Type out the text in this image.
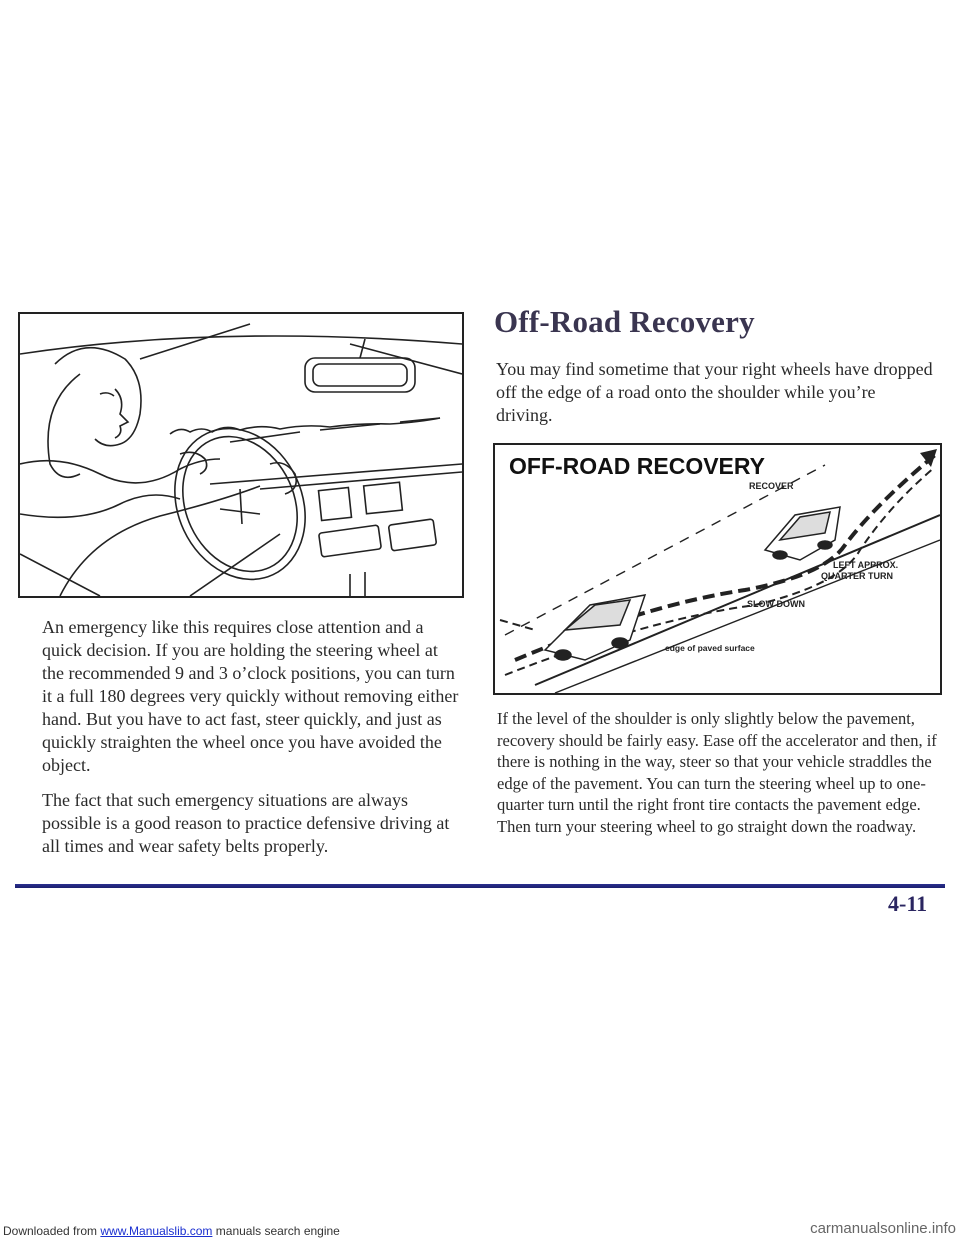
An emergency like this requires close attention and a quick decision. If you are holding the steering wheel at the recommended 9 and 3 o’clock positions, you can turn it a full 180 degrees very quickly without removing either hand. But you have to act fast, steer quickly, and just as quickly straighten the wheel once you have avoided the object.

The fact that such emergency situations are always possible is a good reason to practice defensive driving at all times and wear safety belts properly.

Off-Road Recovery
You may find sometime that your right wheels have dropped off the edge of a road onto the shoulder while you’re driving.
OFF-ROAD RECOVERY
RECOVER
LEFT APPROX.
QUARTER TURN
SLOW DOWN
edge of paved surface
If the level of the shoulder is only slightly below the pavement, recovery should be fairly easy. Ease off the accelerator and then, if there is nothing in the way, steer so that your vehicle straddles the edge of the pavement. You can turn the steering wheel up to one-quarter turn until the right front tire contacts the pavement edge. Then turn your steering wheel to go straight down the roadway.
4-11
Downloaded from www.Manualslib.com manuals search engine	carmanualsonline.info
